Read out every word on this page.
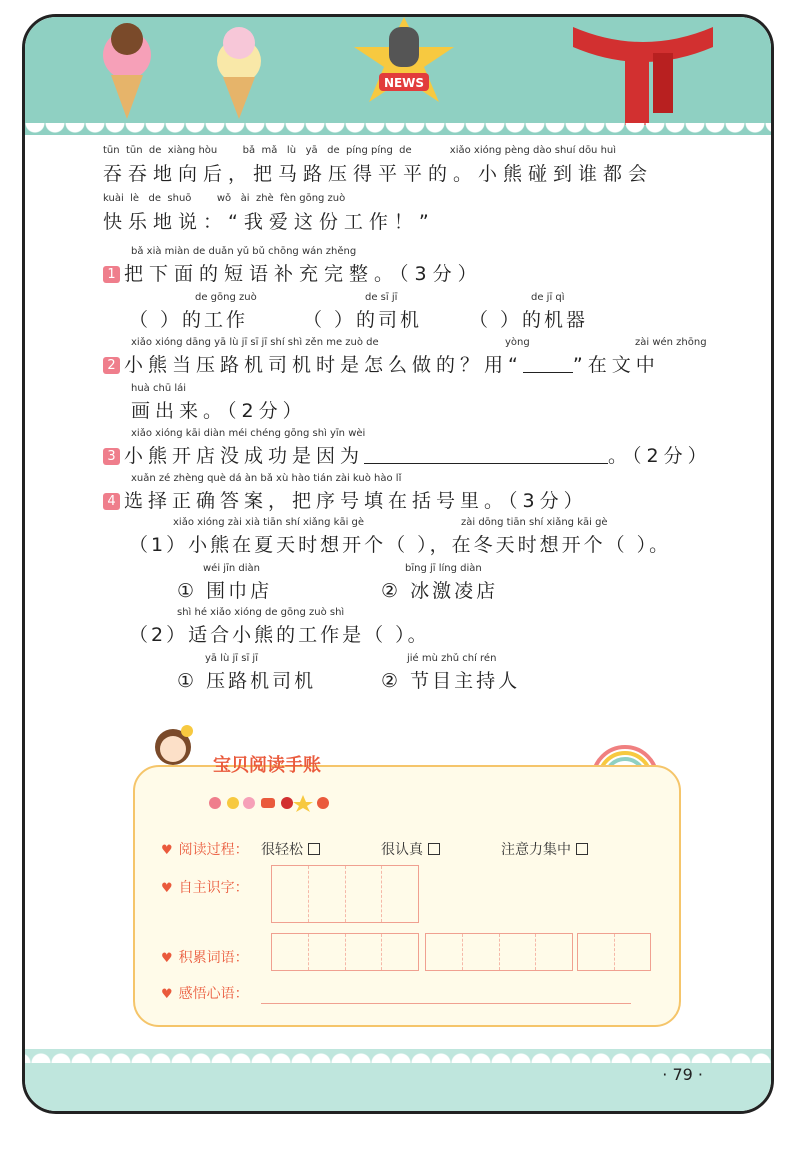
NEWS
tūn  tūn  de  xiàng hòu        bǎ  mǎ   lù   yā   de  píng píng  de            xiǎo xióng pèng dào shuí dōu huì
吞吞地向后，把马路压得平平的。小熊碰到谁都会
kuài  lè   de  shuō        wǒ   ài  zhè  fèn gōng zuò
快乐地说：“我爱这份工作！”
bǎ xià miàn de duǎn yǔ bǔ chōng wán zhěng
1 把下面的短语补充完整。（3分）
de gōng zuò	de sī jī	de jī qì
（ ）的工作	（ ）的司机 （ ）的机器
xiǎo xióng dāng yā lù jī sī jī shí shì zěn me zuò de	yòng	zài wén zhōng
2 小熊当压路机司机时是怎么做的？用“	”在文中
huà chū lái
画出来。（2分）
xiǎo xióng kāi diàn méi chéng gōng shì yīn wèi
3 小熊开店没成功是因为	。（2分）
xuǎn zé zhèng què dá àn bǎ xù hào tián zài kuò hào lǐ
4 选择正确答案，把序号填在括号里。（3分）
xiǎo xióng zài xià tiān shí xiǎng kāi gè	zài dōng tiān shí xiǎng kāi gè
（1）小熊在夏天时想开个（ ），在冬天时想开个（ ）。
wéi jīn diàn	bīng jī líng diàn
① 围巾店	② 冰激凌店
shì hé xiǎo xióng de gōng zuò shì
（2）适合小熊的工作是（ ）。
yā lù jī sī jī	jié mù zhǔ chí rén
① 压路机司机	② 节目主持人
宝贝阅读手账
♥ 阅读过程： 很轻松	很认真	注意力集中
♥ 自主识字：
♥ 积累词语：
♥ 感悟心语：
· 79 ·
